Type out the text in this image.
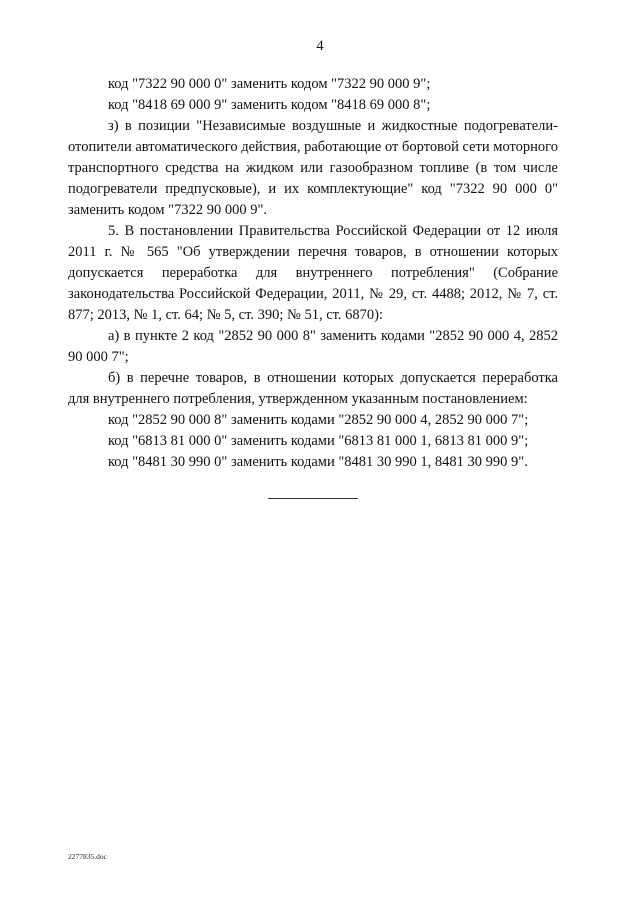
4

код "7322 90 000 0" заменить кодом "7322 90 000 9";

код "8418 69 000 9" заменить кодом "8418 69 000 8";

з) в позиции "Независимые воздушные и жидкостные подогреватели-отопители автоматического действия, работающие от бортовой сети моторного транспортного средства на жидком или газообразном топливе (в том числе подогреватели предпусковые), и их комплектующие" код "7322 90 000 0" заменить кодом "7322 90 000 9".

5. В постановлении Правительства Российской Федерации от 12 июля 2011 г. № 565 "Об утверждении перечня товаров, в отношении которых допускается переработка для внутреннего потребления" (Собрание законодательства Российской Федерации, 2011, № 29, ст. 4488; 2012, № 7, ст. 877; 2013, № 1, ст. 64; № 5, ст. 390; № 51, ст. 6870):

а) в пункте 2 код "2852 90 000 8" заменить кодами "2852 90 000 4, 2852 90 000 7";

б) в перечне товаров, в отношении которых допускается переработка для внутреннего потребления, утвержденном указанным постановлением:

код "2852 90 000 8" заменить кодами "2852 90 000 4, 2852 90 000 7";

код "6813 81 000 0" заменить кодами "6813 81 000 1, 6813 81 000 9";

код "8481 30 990 0" заменить кодами "8481 30 990 1, 8481 30 990 9".

2277835.doc
